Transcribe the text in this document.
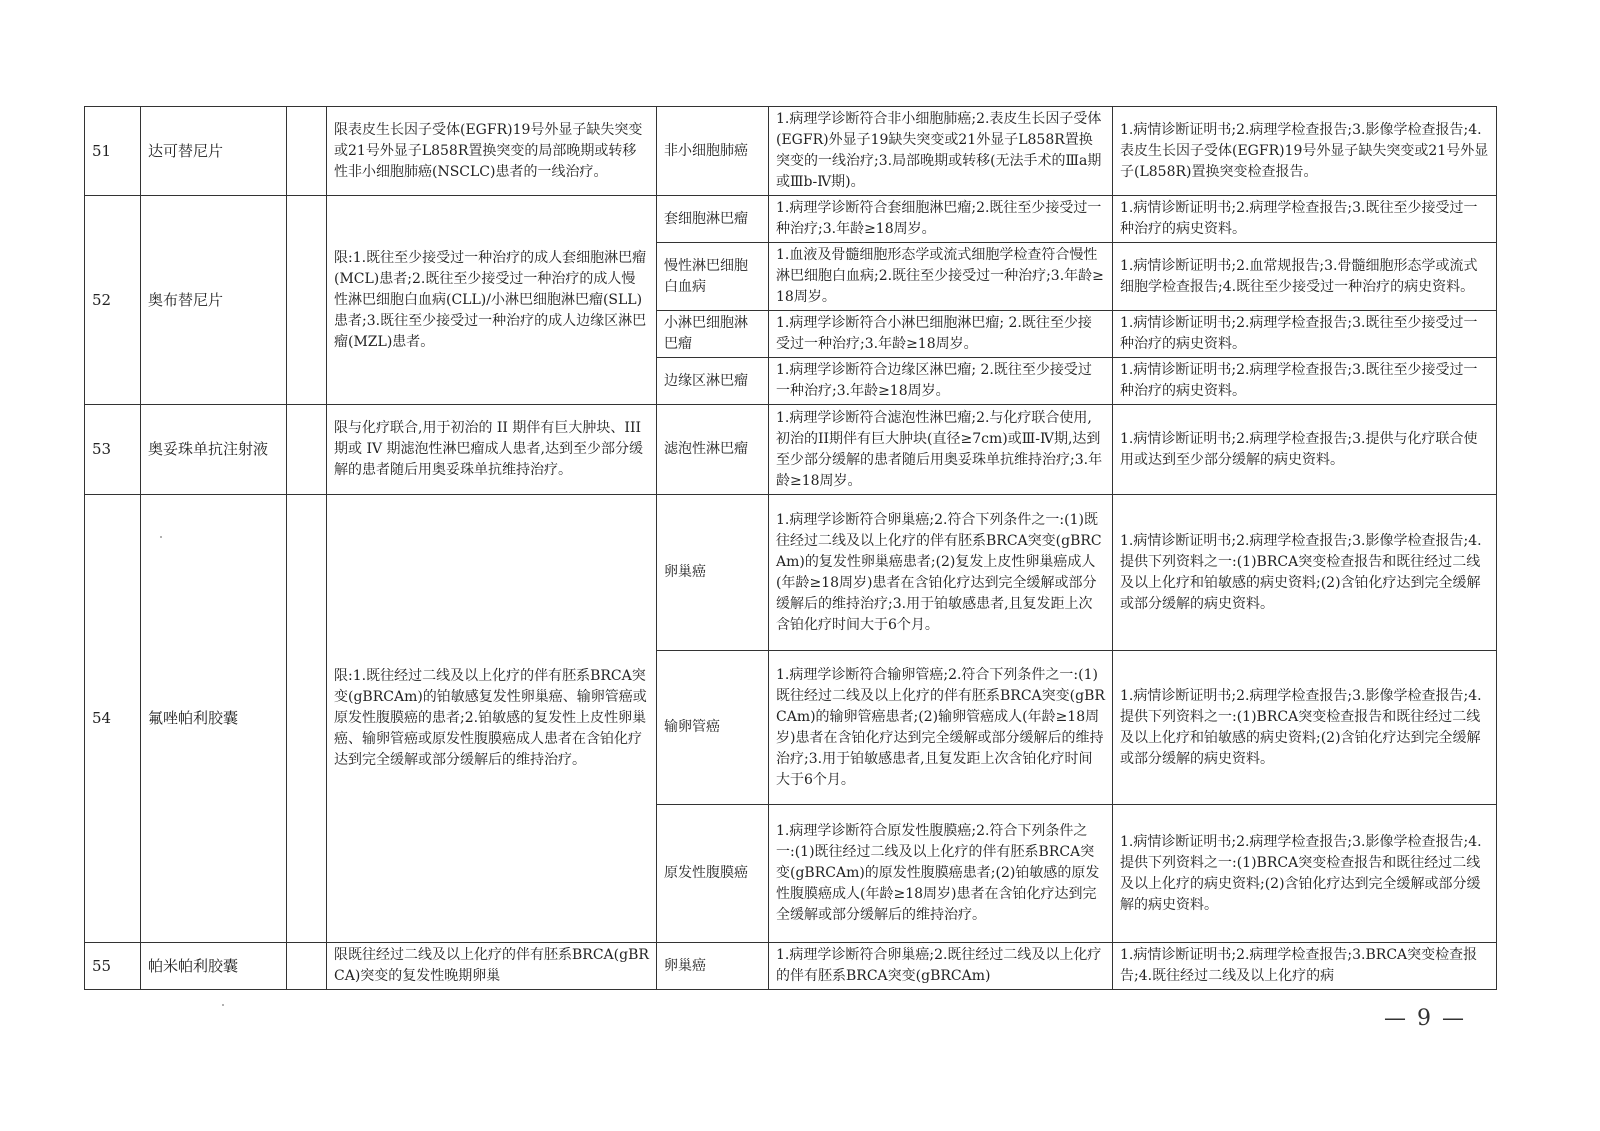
51	达可替尼片		限表皮生长因子受体(EGFR)19号外显子缺失突变或21号外显子L858R置换突变的局部晚期或转移性非小细胞肺癌(NSCLC)患者的一线治疗。	非小细胞肺癌	1.病理学诊断符合非小细胞肺癌;2.表皮生长因子受体(EGFR)外显子19缺失突变或21外显子L858R置换突变的一线治疗;3.局部晚期或转移(无法手术的Ⅲa期或Ⅲb-Ⅳ期)。	1.病情诊断证明书;2.病理学检查报告;3.影像学检查报告;4.表皮生长因子受体(EGFR)19号外显子缺失突变或21号外显子(L858R)置换突变检查报告。
52	奥布替尼片		限:1.既往至少接受过一种治疗的成人套细胞淋巴瘤(MCL)患者;2.既往至少接受过一种治疗的成人慢性淋巴细胞白血病(CLL)/小淋巴细胞淋巴瘤(SLL)患者;3.既往至少接受过一种治疗的成人边缘区淋巴瘤(MZL)患者。	套细胞淋巴瘤	1.病理学诊断符合套细胞淋巴瘤;2.既往至少接受过一种治疗;3.年龄≥18周岁。	1.病情诊断证明书;2.病理学检查报告;3.既往至少接受过一种治疗的病史资料。
				慢性淋巴细胞白血病	1.血液及骨髓细胞形态学或流式细胞学检查符合慢性淋巴细胞白血病;2.既往至少接受过一种治疗;3.年龄≥18周岁。	1.病情诊断证明书;2.血常规报告;3.骨髓细胞形态学或流式细胞学检查报告;4.既往至少接受过一种治疗的病史资料。
				小淋巴细胞淋巴瘤	1.病理学诊断符合小淋巴细胞淋巴瘤; 2.既往至少接受过一种治疗;3.年龄≥18周岁。	1.病情诊断证明书;2.病理学检查报告;3.既往至少接受过一种治疗的病史资料。
				边缘区淋巴瘤	1.病理学诊断符合边缘区淋巴瘤; 2.既往至少接受过一种治疗;3.年龄≥18周岁。	1.病情诊断证明书;2.病理学检查报告;3.既往至少接受过一种治疗的病史资料。
53	奥妥珠单抗注射液		限与化疗联合,用于初治的 II 期伴有巨大肿块、III 期或 IV 期滤泡性淋巴瘤成人患者,达到至少部分缓解的患者随后用奥妥珠单抗维持治疗。	滤泡性淋巴瘤	1.病理学诊断符合滤泡性淋巴瘤;2.与化疗联合使用,初治的II期伴有巨大肿块(直径≥7cm)或Ⅲ-Ⅳ期,达到至少部分缓解的患者随后用奥妥珠单抗维持治疗;3.年龄≥18周岁。	1.病情诊断证明书;2.病理学检查报告;3.提供与化疗联合使用或达到至少部分缓解的病史资料。
54	氟唑帕利胶囊		限:1.既往经过二线及以上化疗的伴有胚系BRCA突变(gBRCAm)的铂敏感复发性卵巢癌、输卵管癌或原发性腹膜癌的患者;2.铂敏感的复发性上皮性卵巢癌、输卵管癌或原发性腹膜癌成人患者在含铂化疗达到完全缓解或部分缓解后的维持治疗。	卵巢癌	1.病理学诊断符合卵巢癌;2.符合下列条件之一:(1)既往经过二线及以上化疗的伴有胚系BRCA突变(gBRCAm)的复发性卵巢癌患者;(2)复发上皮性卵巢癌成人(年龄≥18周岁)患者在含铂化疗达到完全缓解或部分缓解后的维持治疗;3.用于铂敏感患者,且复发距上次含铂化疗时间大于6个月。	1.病情诊断证明书;2.病理学检查报告;3.影像学检查报告;4.提供下列资料之一:(1)BRCA突变检查报告和既往经过二线及以上化疗和铂敏感的病史资料;(2)含铂化疗达到完全缓解或部分缓解的病史资料。
				输卵管癌	1.病理学诊断符合输卵管癌;2.符合下列条件之一:(1)既往经过二线及以上化疗的伴有胚系BRCA突变(gBRCAm)的输卵管癌患者;(2)输卵管癌成人(年龄≥18周岁)患者在含铂化疗达到完全缓解或部分缓解后的维持治疗;3.用于铂敏感患者,且复发距上次含铂化疗时间大于6个月。	1.病情诊断证明书;2.病理学检查报告;3.影像学检查报告;4.提供下列资料之一:(1)BRCA突变检查报告和既往经过二线及以上化疗和铂敏感的病史资料;(2)含铂化疗达到完全缓解或部分缓解的病史资料。
				原发性腹膜癌	1.病理学诊断符合原发性腹膜癌;2.符合下列条件之一:(1)既往经过二线及以上化疗的伴有胚系BRCA突变(gBRCAm)的原发性腹膜癌患者;(2)铂敏感的原发性腹膜癌成人(年龄≥18周岁)患者在含铂化疗达到完全缓解或部分缓解后的维持治疗。	1.病情诊断证明书;2.病理学检查报告;3.影像学检查报告;4.提供下列资料之一:(1)BRCA突变检查报告和既往经过二线及以上化疗的病史资料;(2)含铂化疗达到完全缓解或部分缓解的病史资料。
55	帕米帕利胶囊		限既往经过二线及以上化疗的伴有胚系BRCA(gBRCA)突变的复发性晚期卵巢	卵巢癌	1.病理学诊断符合卵巢癌;2.既往经过二线及以上化疗的伴有胚系BRCA突变(gBRCAm)	1.病情诊断证明书;2.病理学检查报告;3.BRCA突变检查报告;4.既往经过二线及以上化疗的病
— 9 —
